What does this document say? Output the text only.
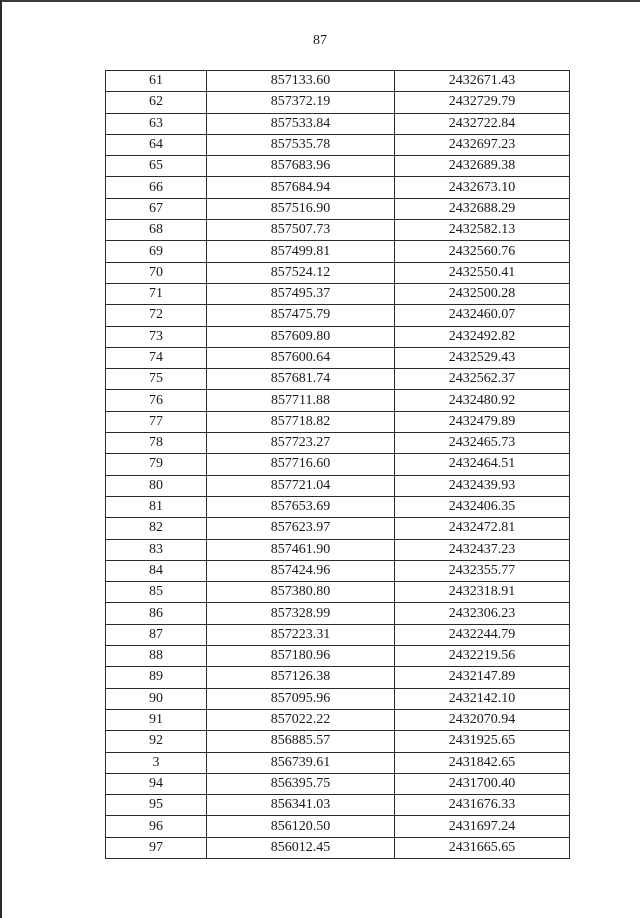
87
61	857133.60	2432671.43
62	857372.19	2432729.79
63	857533.84	2432722.84
64	857535.78	2432697.23
65	857683.96	2432689.38
66	857684.94	2432673.10
67	857516.90	2432688.29
68	857507.73	2432582.13
69	857499.81	2432560.76
70	857524.12	2432550.41
71	857495.37	2432500.28
72	857475.79	2432460.07
73	857609.80	2432492.82
74	857600.64	2432529.43
75	857681.74	2432562.37
76	857711.88	2432480.92
77	857718.82	2432479.89
78	857723.27	2432465.73
79	857716.60	2432464.51
80	857721.04	2432439.93
81	857653.69	2432406.35
82	857623.97	2432472.81
83	857461.90	2432437.23
84	857424.96	2432355.77
85	857380.80	2432318.91
86	857328.99	2432306.23
87	857223.31	2432244.79
88	857180.96	2432219.56
89	857126.38	2432147.89
90	857095.96	2432142.10
91	857022.22	2432070.94
92	856885.57	2431925.65
3	856739.61	2431842.65
94	856395.75	2431700.40
95	856341.03	2431676.33
96	856120.50	2431697.24
97	856012.45	2431665.65
